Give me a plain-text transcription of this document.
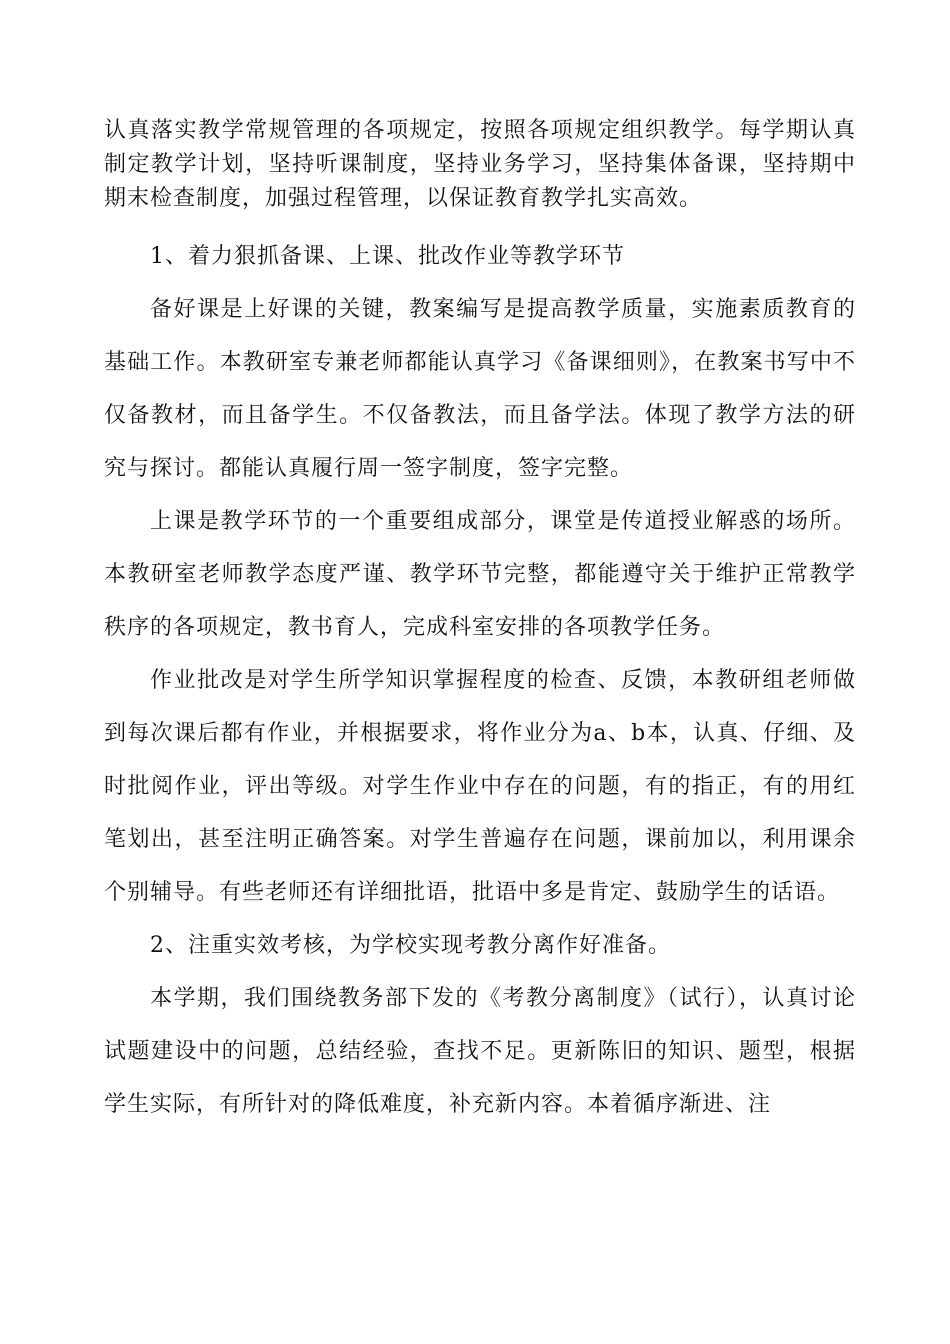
认真落实教学常规管理的各项规定，按照各项规定组织教学。每学期认真制定教学计划，坚持听课制度，坚持业务学习，坚持集体备课，坚持期中期末检查制度，加强过程管理，以保证教育教学扎实高效。

1、着力狠抓备课、上课、批改作业等教学环节

备好课是上好课的关键，教案编写是提高教学质量，实施素质教育的基础工作。本教研室专兼老师都能认真学习《备课细则》，在教案书写中不仅备教材，而且备学生。不仅备教法，而且备学法。体现了教学方法的研究与探讨。都能认真履行周一签字制度，签字完整。

上课是教学环节的一个重要组成部分，课堂是传道授业解惑的场所。本教研室老师教学态度严谨、教学环节完整，都能遵守关于维护正常教学秩序的各项规定，教书育人，完成科室安排的各项教学任务。

作业批改是对学生所学知识掌握程度的检查、反馈，本教研组老师做到每次课后都有作业，并根据要求，将作业分为a、b本，认真、仔细、及时批阅作业，评出等级。对学生作业中存在的问题，有的指正，有的用红笔划出，甚至注明正确答案。对学生普遍存在问题，课前加以，利用课余个别辅导。有些老师还有详细批语，批语中多是肯定、鼓励学生的话语。

2、注重实效考核，为学校实现考教分离作好准备。

本学期，我们围绕教务部下发的《考教分离制度》（试行），认真讨论试题建设中的问题，总结经验，查找不足。更新陈旧的知识、题型，根据学生实际，有所针对的降低难度，补充新内容。本着循序渐进、注
